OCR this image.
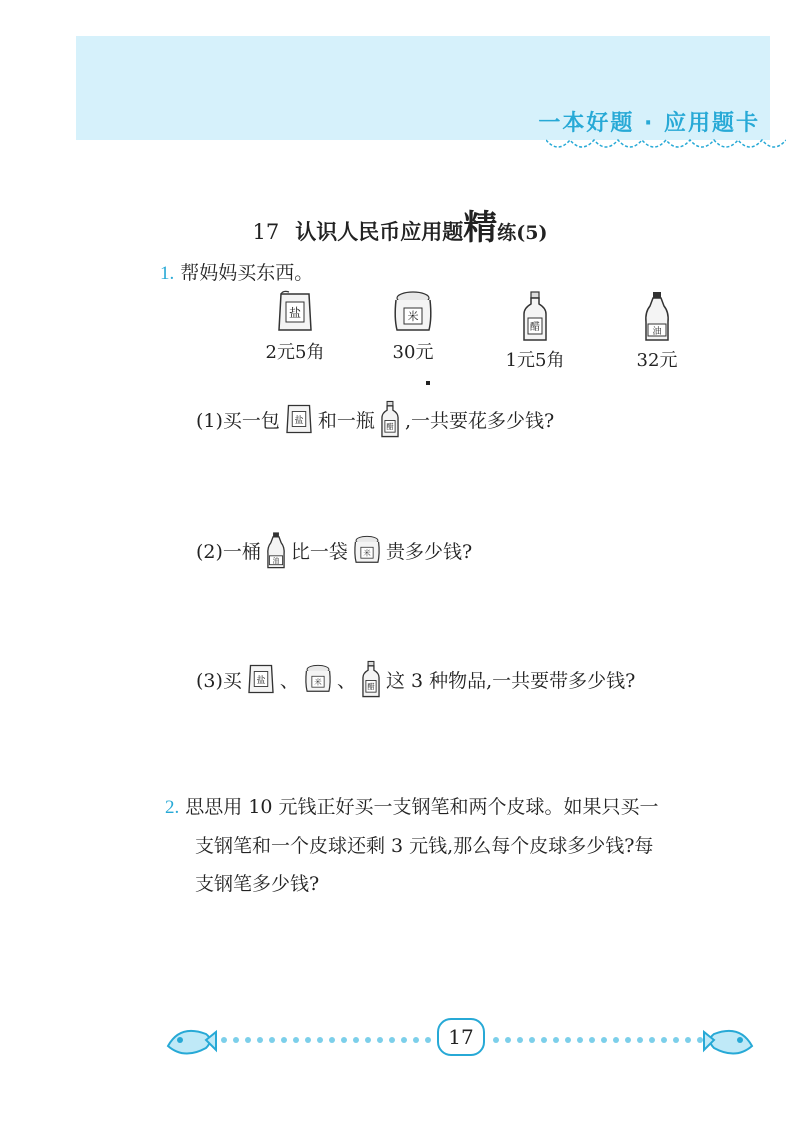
一本好题 · 应用题卡
17 认识人民币应用题精练(5)
1. 帮妈妈买东西。
盐
2元5角
米
30元
醋
1元5角
油
32元
(1)买一包 盐 和一瓶 醋 ,一共要花多少钱?
(2)一桶 油 比一袋 米 贵多少钱?
(3)买 盐 、 米 、 醋 这 3 种物品,一共要带多少钱?
2. 思思用 10 元钱正好买一支钢笔和两个皮球。如果只买一
支钢笔和一个皮球还剩 3 元钱,那么每个皮球多少钱?每
支钢笔多少钱?
17
